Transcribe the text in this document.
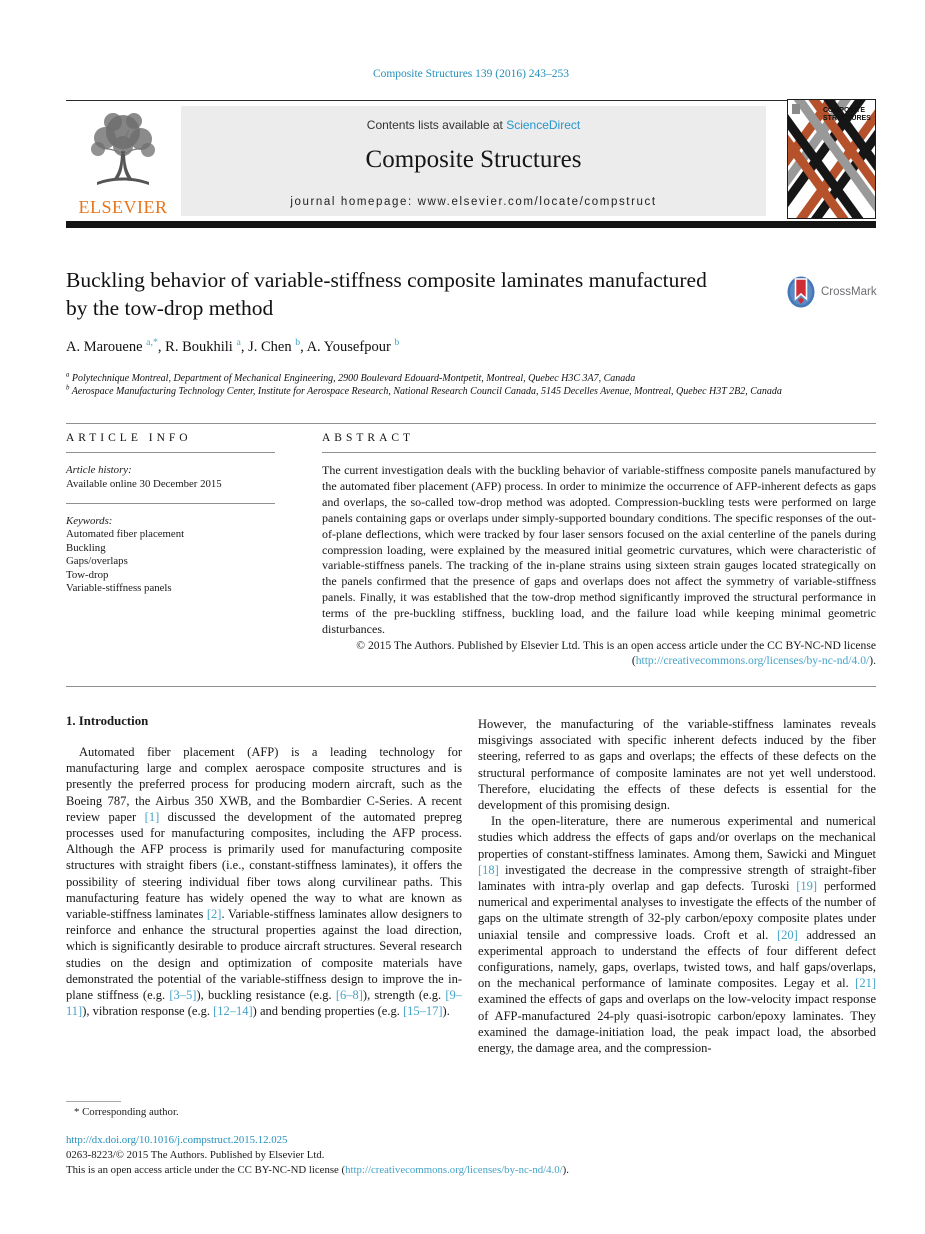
Composite Structures 139 (2016) 243–253
ELSEVIER
Contents lists available at ScienceDirect
Composite Structures
journal homepage: www.elsevier.com/locate/compstruct
COMPOSITE
STRUCTURES
Buckling behavior of variable-stiffness composite laminates manufactured by the tow-drop method
CrossMark
A. Marouene $^{a,*}$, R. Boukhili $^a$, J. Chen $^b$, A. Yousefpour $^b$
$^a$ Polytechnique Montreal, Department of Mechanical Engineering, 2900 Boulevard Edouard-Montpetit, Montreal, Quebec H3C 3A7, Canada
$^b$ Aerospace Manufacturing Technology Center, Institute for Aerospace Research, National Research Council Canada, 5145 Decelles Avenue, Montreal, Quebec H3T 2B2, Canada
ARTICLE INFO
Article history:
Available online 30 December 2015
Keywords:
Automated fiber placement
Buckling
Gaps/overlaps
Tow-drop
Variable-stiffness panels
ABSTRACT
The current investigation deals with the buckling behavior of variable-stiffness composite panels manufactured by the automated fiber placement (AFP) process. In order to minimize the occurrence of AFP-inherent defects as gaps and overlaps, the so-called tow-drop method was adopted. Compression-buckling tests were performed on large panels containing gaps or overlaps under simply-supported boundary conditions. The specific responses of the out-of-plane deflections, which were tracked by four laser sensors focused on the axial centerline of the panels during compression loading, were explained by the measured initial geometric curvatures, which were characteristic of variable-stiffness panels. The tracking of the in-plane strains using sixteen strain gauges located strategically on the panels confirmed that the presence of gaps and overlaps does not affect the symmetry of variable-stiffness panels. Finally, it was established that the tow-drop method significantly improved the structural performance in terms of the pre-buckling stiffness, buckling load, and the failure load while keeping minimal geometric disturbances.
© 2015 The Authors. Published by Elsevier Ltd. This is an open access article under the CC BY-NC-ND license
(http://creativecommons.org/licenses/by-nc-nd/4.0/).
1. Introduction

Automated fiber placement (AFP) is a leading technology for manufacturing large and complex aerospace composite structures and is presently the preferred process for producing modern aircraft, such as the Boeing 787, the Airbus 350 XWB, and the Bombardier C-Series. A recent review paper [1] discussed the development of the automated prepreg processes used for manufacturing composites, including the AFP process. Although the AFP process is primarily used for manufacturing composite structures with straight fibers (i.e., constant-stiffness laminates), it offers the possibility of steering individual fiber tows along curvilinear paths. This manufacturing feature has widely opened the way to what are known as variable-stiffness laminates [2]. Variable-stiffness laminates allow designers to reinforce and enhance the structural properties against the load direction, which is significantly desirable to produce aircraft structures. Several research studies on the design and optimization of composite materials have demonstrated the potential of the variable-stiffness design to improve the in-plane stiffness (e.g. [3–5]), buckling resistance (e.g. [6–8]), strength (e.g. [9–11]), vibration response (e.g. [12–14]) and bending properties (e.g. [15–17]).

However, the manufacturing of the variable-stiffness laminates reveals misgivings associated with specific inherent defects induced by the fiber steering, referred to as gaps and overlaps; the effects of these defects on the structural performance of composite laminates are not yet well understood. Therefore, elucidating the effects of these defects is essential for the development of this promising design.

In the open-literature, there are numerous experimental and numerical studies which address the effects of gaps and/or overlaps on the mechanical properties of constant-stiffness laminates. Among them, Sawicki and Minguet [18] investigated the decrease in the compressive strength of straight-fiber laminates with intra-ply overlap and gap defects. Turoski [19] performed numerical and experimental analyses to investigate the effects of the number of gaps on the ultimate strength of 32-ply carbon/epoxy composite plates under uniaxial tensile and compressive loads. Croft et al. [20] addressed an experimental approach to understand the effects of four different defect configurations, namely, gaps, overlaps, twisted tows, and half gaps/overlaps, on the mechanical performance of laminate composites. Legay et al. [21] examined the effects of gaps and overlaps on the low-velocity impact response of AFP-manufactured 24-ply quasi-isotropic carbon/epoxy laminates. They examined the damage-initiation load, the peak impact load, the absorbed energy, the damage area, and the compression-

* Corresponding author.
http://dx.doi.org/10.1016/j.compstruct.2015.12.025
0263-8223/© 2015 The Authors. Published by Elsevier Ltd.
This is an open access article under the CC BY-NC-ND license (http://creativecommons.org/licenses/by-nc-nd/4.0/).
